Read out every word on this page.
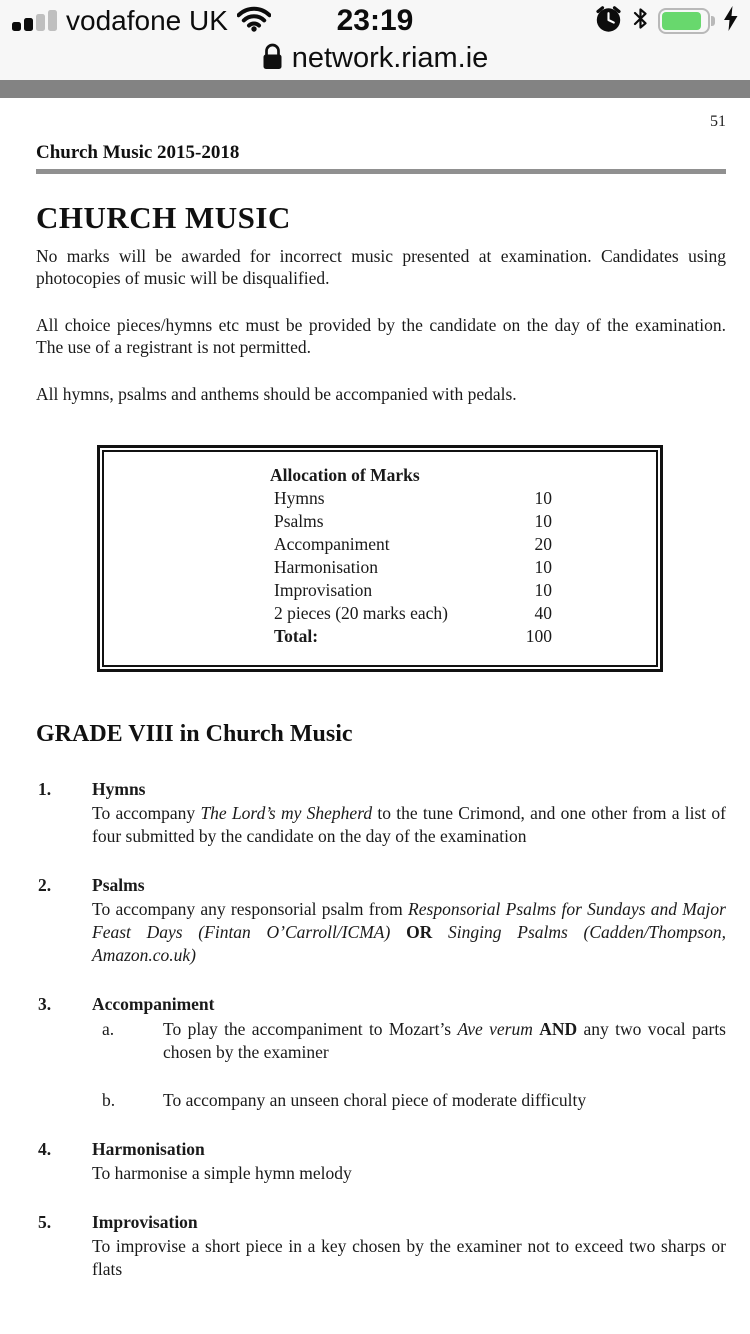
vodafone UK	23:19
network.riam.ie
51
Church Music 2015-2018
CHURCH MUSIC
No marks will be awarded for incorrect music presented at examination. Candidates using photocopies of music will be disqualified.
All choice pieces/hymns etc must be provided by the candidate on the day of the examination. The use of a registrant is not permitted.
All hymns, psalms and anthems should be accompanied with pedals.
Allocation of Marks
Hymns	10
Psalms	10
Accompaniment	20
Harmonisation	10
Improvisation	10
2 pieces (20 marks each)	40
Total:	100
GRADE VIII in Church Music
1. Hymns
To accompany The Lord’s my Shepherd to the tune Crimond, and one other from a list of four submitted by the candidate on the day of the examination
2. Psalms
To accompany any responsorial psalm from Responsorial Psalms for Sundays and Major Feast Days (Fintan O’Carroll/ICMA) OR Singing Psalms (Cadden/Thompson, Amazon.co.uk)
3. Accompaniment
a.	To play the accompaniment to Mozart’s Ave verum AND any two vocal parts chosen by the examiner
b.	To accompany an unseen choral piece of moderate difficulty
4. Harmonisation
To harmonise a simple hymn melody
5. Improvisation
To improvise a short piece in a key chosen by the examiner not to exceed two sharps or flats
